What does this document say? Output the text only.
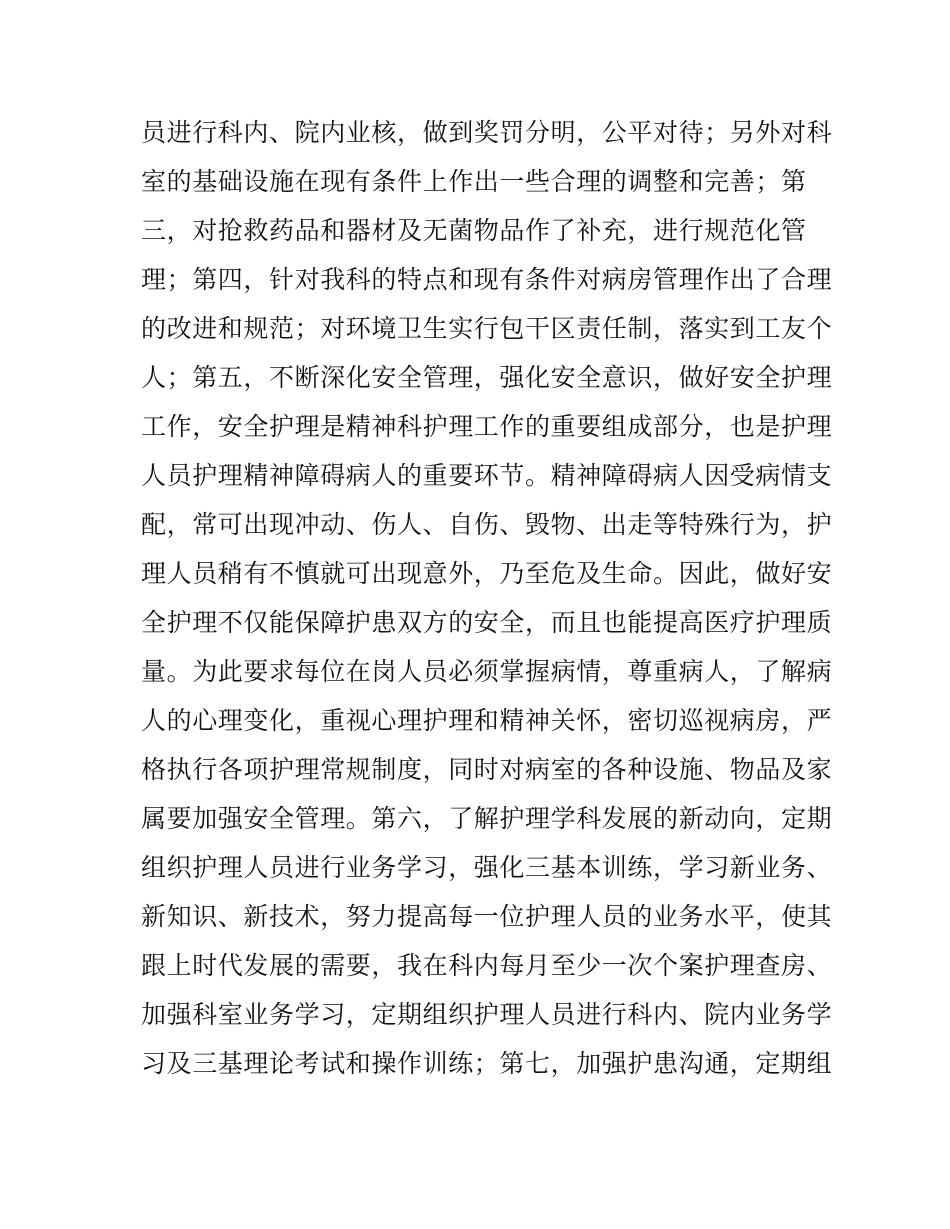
员进行科内、院内业核，做到奖罚分明，公平对待；另外对科
室的基础设施在现有条件上作出一些合理的调整和完善；第
三，对抢救药品和器材及无菌物品作了补充，进行规范化管
理；第四，针对我科的特点和现有条件对病房管理作出了合理
的改进和规范；对环境卫生实行包干区责任制，落实到工友个
人；第五，不断深化安全管理，强化安全意识，做好安全护理
工作，安全护理是精神科护理工作的重要组成部分，也是护理
人员护理精神障碍病人的重要环节。精神障碍病人因受病情支
配，常可出现冲动、伤人、自伤、毁物、出走等特殊行为，护
理人员稍有不慎就可出现意外，乃至危及生命。因此，做好安
全护理不仅能保障护患双方的安全，而且也能提高医疗护理质
量。为此要求每位在岗人员必须掌握病情，尊重病人，了解病
人的心理变化，重视心理护理和精神关怀，密切巡视病房，严
格执行各项护理常规制度，同时对病室的各种设施、物品及家
属要加强安全管理。第六，了解护理学科发展的新动向，定期
组织护理人员进行业务学习，强化三基本训练，学习新业务、
新知识、新技术，努力提高每一位护理人员的业务水平，使其
跟上时代发展的需要，我在科内每月至少一次个案护理查房、
加强科室业务学习，定期组织护理人员进行科内、院内业务学
习及三基理论考试和操作训练；第七，加强护患沟通，定期组
